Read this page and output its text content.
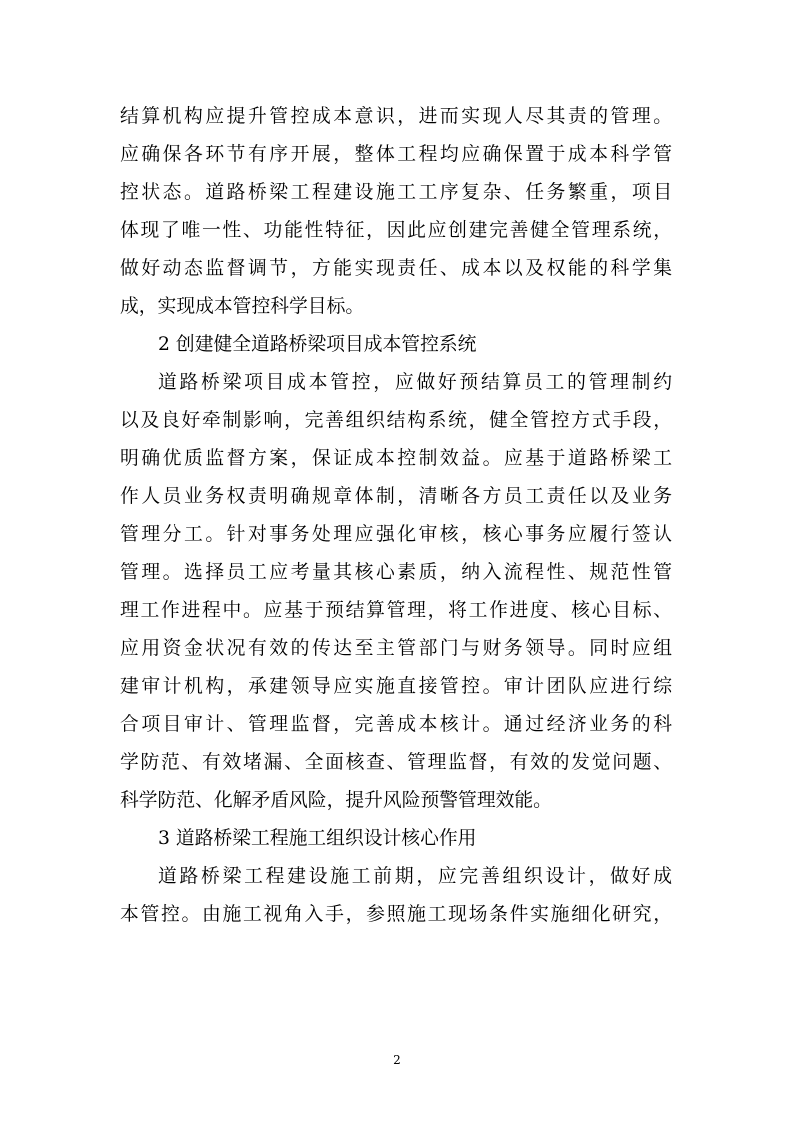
结算机构应提升管控成本意识，进而实现人尽其责的管理。
应确保各环节有序开展，整体工程均应确保置于成本科学管
控状态。道路桥梁工程建设施工工序复杂、任务繁重，项目
体现了唯一性、功能性特征，因此应创建完善健全管理系统，
做好动态监督调节，方能实现责任、成本以及权能的科学集
成，实现成本管控科学目标。
2 创建健全道路桥梁项目成本管控系统
道路桥梁项目成本管控，应做好预结算员工的管理制约
以及良好牵制影响，完善组织结构系统，健全管控方式手段，
明确优质监督方案，保证成本控制效益。应基于道路桥梁工
作人员业务权责明确规章体制，清晰各方员工责任以及业务
管理分工。针对事务处理应强化审核，核心事务应履行签认
管理。选择员工应考量其核心素质，纳入流程性、规范性管
理工作进程中。应基于预结算管理，将工作进度、核心目标、
应用资金状况有效的传达至主管部门与财务领导。同时应组
建审计机构，承建领导应实施直接管控。审计团队应进行综
合项目审计、管理监督，完善成本核计。通过经济业务的科
学防范、有效堵漏、全面核查、管理监督，有效的发觉问题、
科学防范、化解矛盾风险，提升风险预警管理效能。
3 道路桥梁工程施工组织设计核心作用
道路桥梁工程建设施工前期，应完善组织设计，做好成
本管控。由施工视角入手，参照施工现场条件实施细化研究，
2
